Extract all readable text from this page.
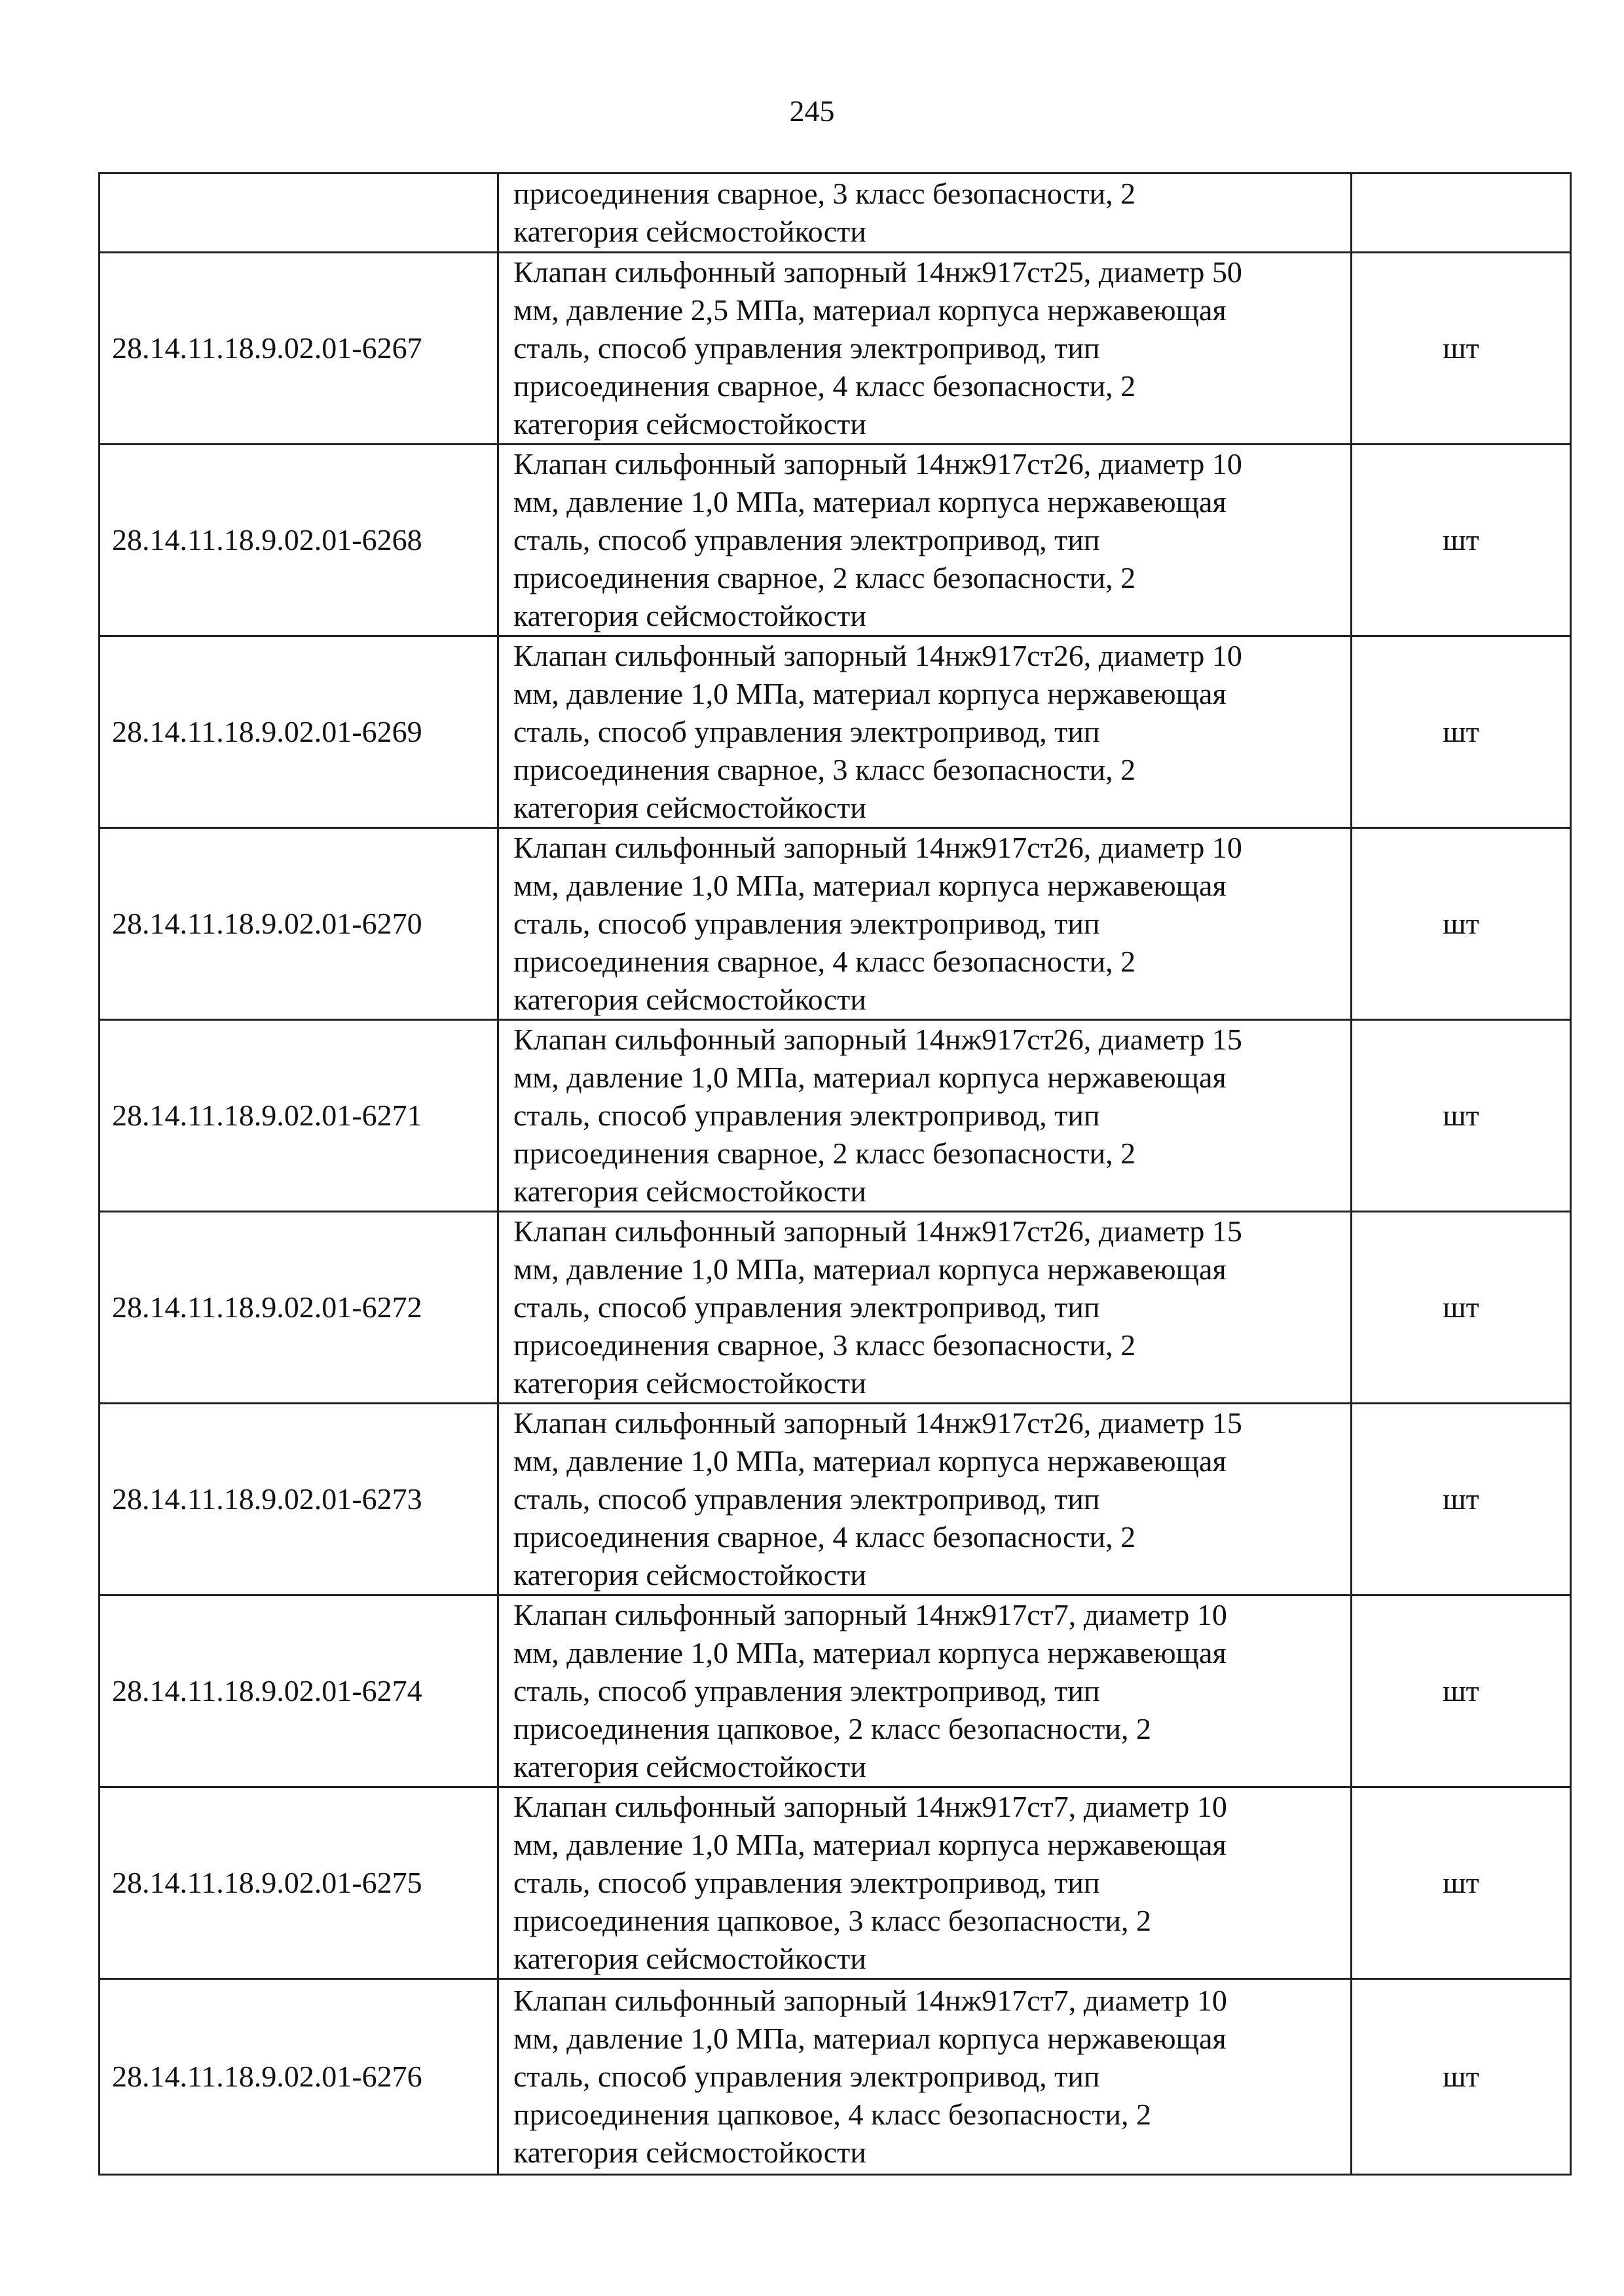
245

	присоединения сварное, 3 класс безопасности, 2
категория сейсмостойкости	

28.14.11.18.9.02.01-6267	Клапан сильфонный запорный 14нж917ст25, диаметр 50
мм, давление 2,5 МПа, материал корпуса нержавеющая
сталь, способ управления электропривод, тип
присоединения сварное, 4 класс безопасности, 2
категория сейсмостойкости	шт
28.14.11.18.9.02.01-6268	Клапан сильфонный запорный 14нж917ст26, диаметр 10
мм, давление 1,0 МПа, материал корпуса нержавеющая
сталь, способ управления электропривод, тип
присоединения сварное, 2 класс безопасности, 2
категория сейсмостойкости	шт
28.14.11.18.9.02.01-6269	Клапан сильфонный запорный 14нж917ст26, диаметр 10
мм, давление 1,0 МПа, материал корпуса нержавеющая
сталь, способ управления электропривод, тип
присоединения сварное, 3 класс безопасности, 2
категория сейсмостойкости	шт
28.14.11.18.9.02.01-6270	Клапан сильфонный запорный 14нж917ст26, диаметр 10
мм, давление 1,0 МПа, материал корпуса нержавеющая
сталь, способ управления электропривод, тип
присоединения сварное, 4 класс безопасности, 2
категория сейсмостойкости	шт
28.14.11.18.9.02.01-6271	Клапан сильфонный запорный 14нж917ст26, диаметр 15
мм, давление 1,0 МПа, материал корпуса нержавеющая
сталь, способ управления электропривод, тип
присоединения сварное, 2 класс безопасности, 2
категория сейсмостойкости	шт
28.14.11.18.9.02.01-6272	Клапан сильфонный запорный 14нж917ст26, диаметр 15
мм, давление 1,0 МПа, материал корпуса нержавеющая
сталь, способ управления электропривод, тип
присоединения сварное, 3 класс безопасности, 2
категория сейсмостойкости	шт
28.14.11.18.9.02.01-6273	Клапан сильфонный запорный 14нж917ст26, диаметр 15
мм, давление 1,0 МПа, материал корпуса нержавеющая
сталь, способ управления электропривод, тип
присоединения сварное, 4 класс безопасности, 2
категория сейсмостойкости	шт
28.14.11.18.9.02.01-6274	Клапан сильфонный запорный 14нж917ст7, диаметр 10
мм, давление 1,0 МПа, материал корпуса нержавеющая
сталь, способ управления электропривод, тип
присоединения цапковое, 2 класс безопасности, 2
категория сейсмостойкости	шт
28.14.11.18.9.02.01-6275	Клапан сильфонный запорный 14нж917ст7, диаметр 10
мм, давление 1,0 МПа, материал корпуса нержавеющая
сталь, способ управления электропривод, тип
присоединения цапковое, 3 класс безопасности, 2
категория сейсмостойкости	шт
28.14.11.18.9.02.01-6276	Клапан сильфонный запорный 14нж917ст7, диаметр 10
мм, давление 1,0 МПа, материал корпуса нержавеющая
сталь, способ управления электропривод, тип
присоединения цапковое, 4 класс безопасности, 2
категория сейсмостойкости	шт
